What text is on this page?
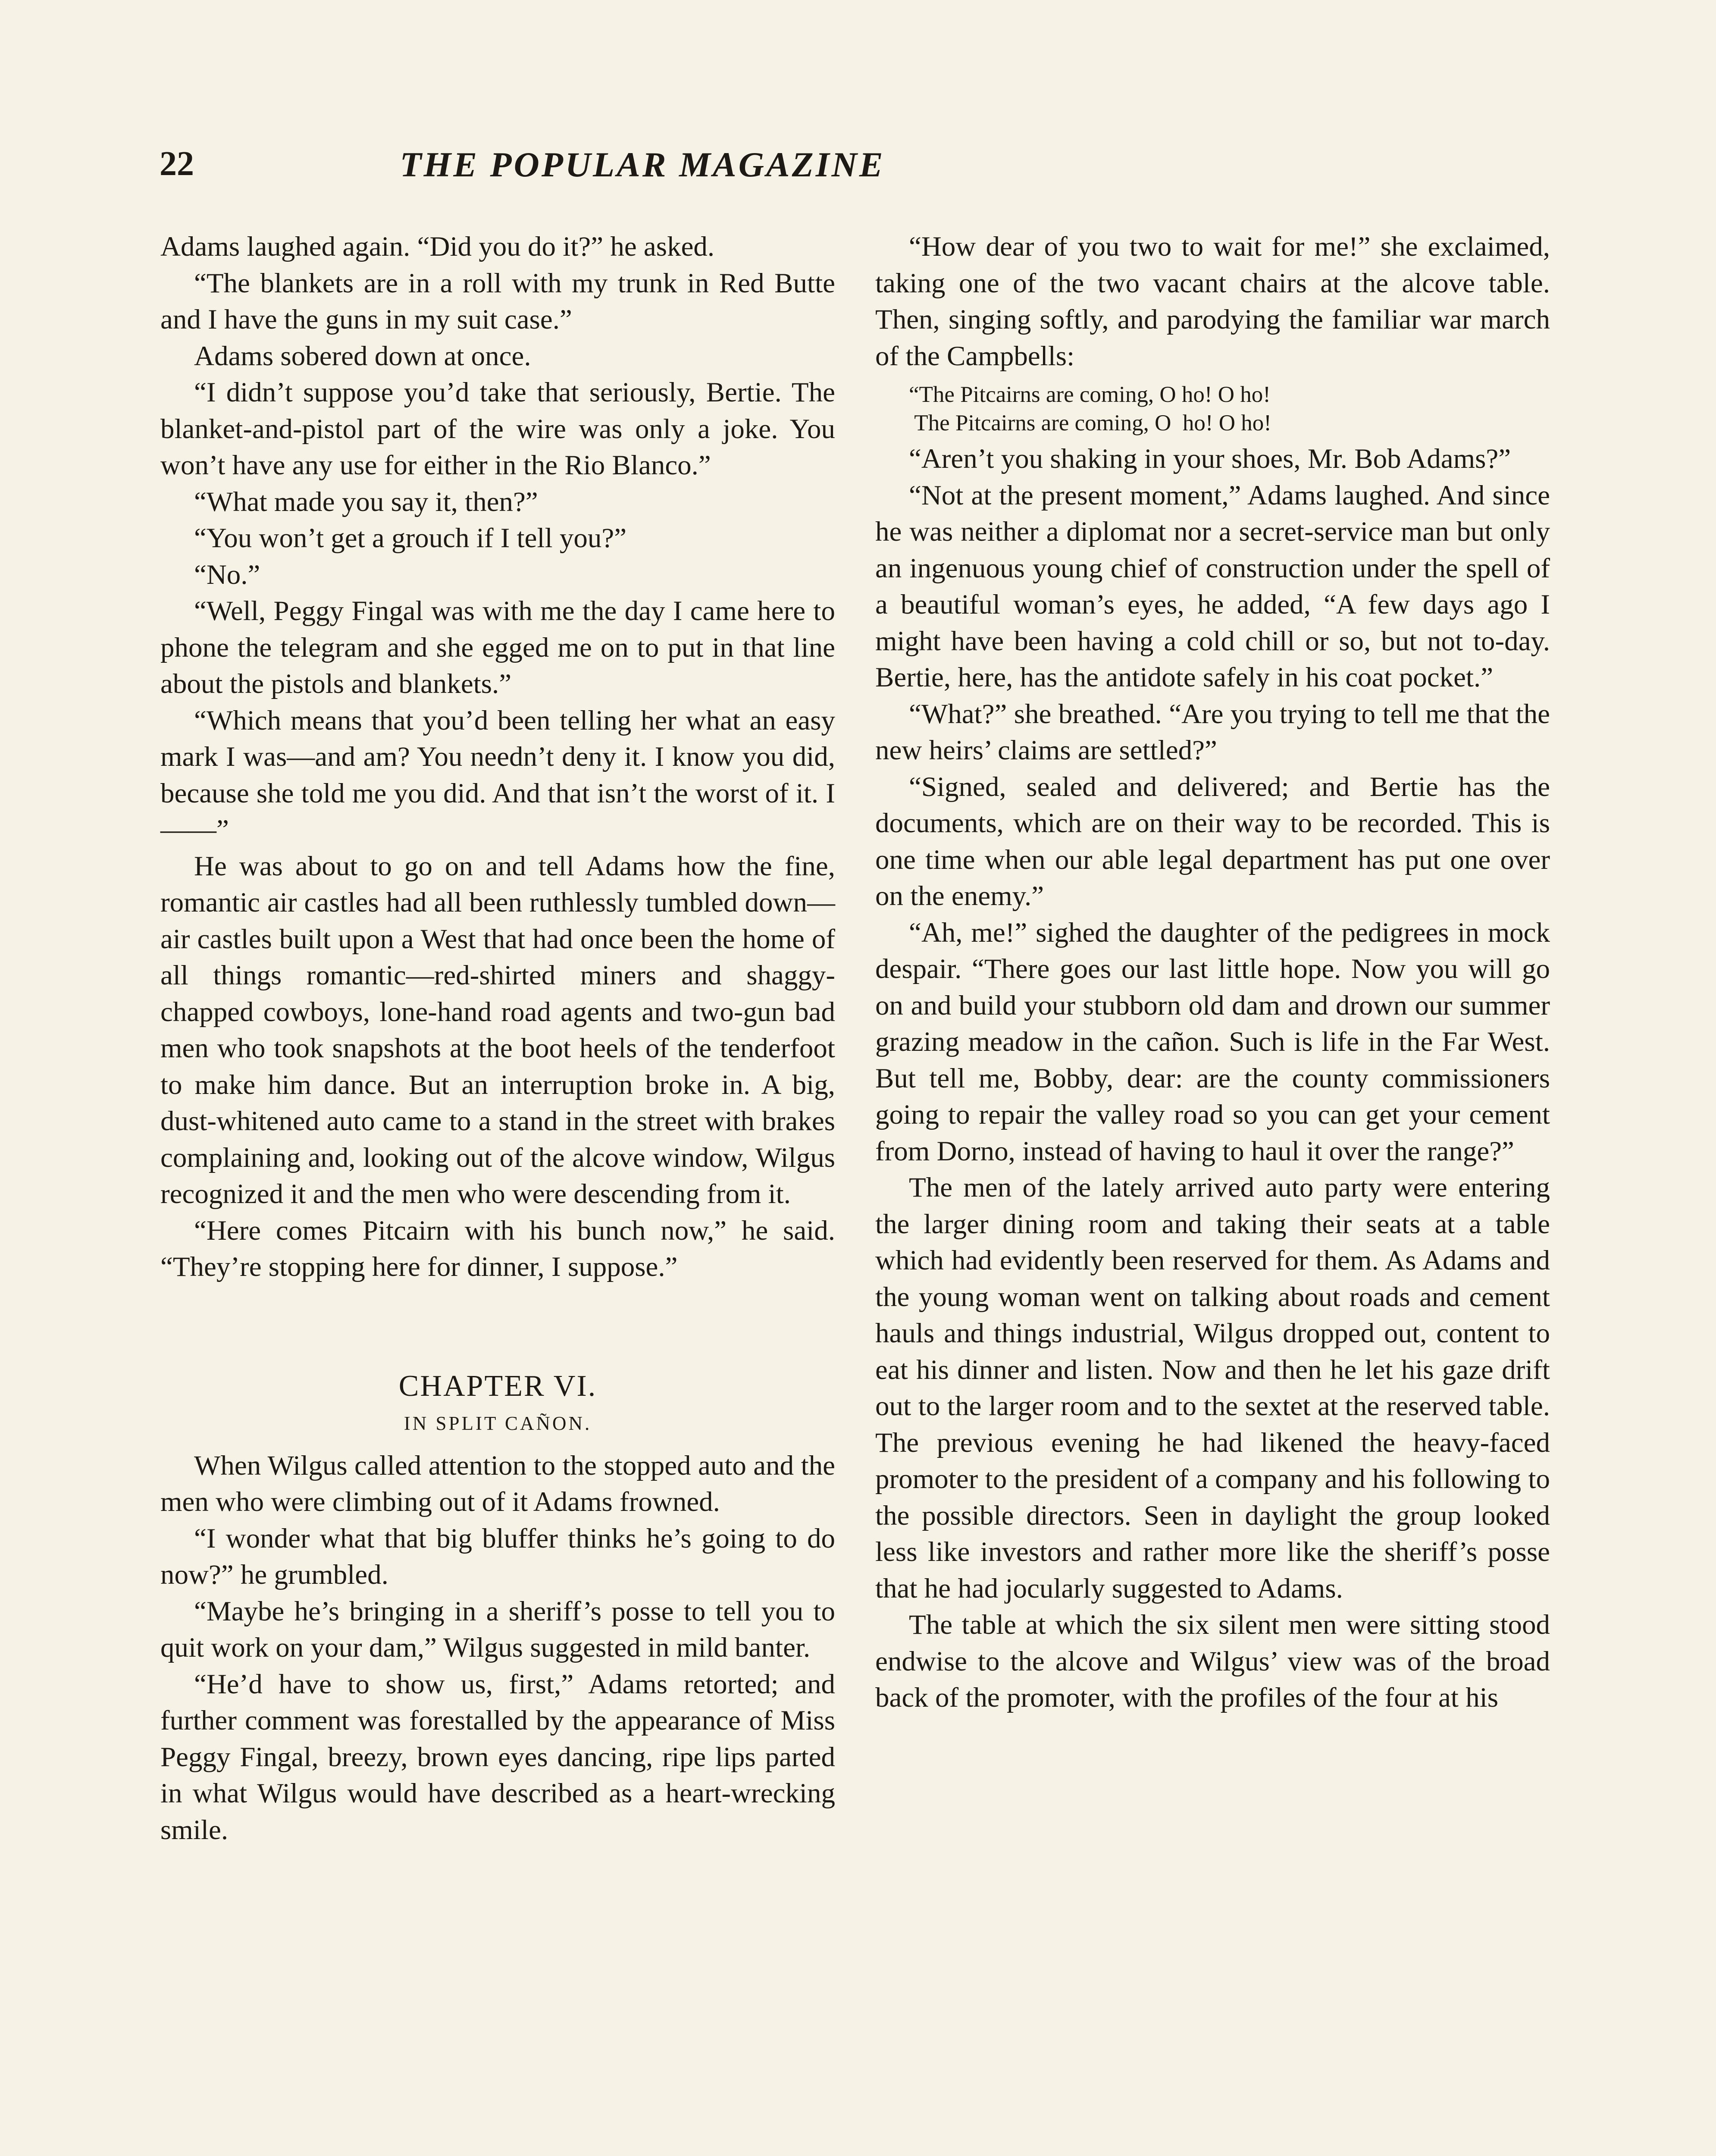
22	THE POPULAR MAGAZINE

Adams laughed again. “Did you do it?” he asked.

“The blankets are in a roll with my trunk in Red Butte and I have the guns in my suit case.”

Adams sobered down at once.

“I didn’t suppose you’d take that seriously, Bertie. The blanket-and-pistol part of the wire was only a joke. You won’t have any use for either in the Rio Blanco.”

“What made you say it, then?”

“You won’t get a grouch if I tell you?”

“No.”

“Well, Peggy Fingal was with me the day I came here to phone the telegram and she egged me on to put in that line about the pistols and blankets.”

“Which means that you’d been telling her what an easy mark I was—and am? You needn’t deny it. I know you did, because she told me you did. And that isn’t the worst of it. I——”

He was about to go on and tell Adams how the fine, romantic air castles had all been ruthlessly tumbled down—air castles built upon a West that had once been the home of all things romantic—red-shirted miners and shaggy-chapped cowboys, lone-hand road agents and two-gun bad men who took snapshots at the boot heels of the tenderfoot to make him dance. But an interruption broke in. A big, dust-whitened auto came to a stand in the street with brakes complaining and, looking out of the alcove window, Wilgus recognized it and the men who were descending from it.

“Here comes Pitcairn with his bunch now,” he said. “They’re stopping here for dinner, I suppose.”

CHAPTER VI.
IN SPLIT CAÑON.

When Wilgus called attention to the stopped auto and the men who were climbing out of it Adams frowned.

“I wonder what that big bluffer thinks he’s going to do now?” he grumbled.

“Maybe he’s bringing in a sheriff’s posse to tell you to quit work on your dam,” Wilgus suggested in mild banter.

“He’d have to show us, first,” Adams retorted; and further comment was forestalled by the appearance of Miss Peggy Fingal, breezy, brown eyes dancing, ripe lips parted in what Wilgus would have described as a heart-wrecking smile.

“How dear of you two to wait for me!” she exclaimed, taking one of the two vacant chairs at the alcove table. Then, singing softly, and parodying the familiar war march of the Campbells:

“The Pitcairns are coming, O ho! O ho!
The Pitcairns are coming, O  ho! O ho!

“Aren’t you shaking in your shoes, Mr. Bob Adams?”

“Not at the present moment,” Adams laughed. And since he was neither a diplomat nor a secret-service man but only an ingenuous young chief of construction under the spell of a beautiful woman’s eyes, he added, “A few days ago I might have been having a cold chill or so, but not to-day. Bertie, here, has the antidote safely in his coat pocket.”

“What?” she breathed. “Are you trying to tell me that the new heirs’ claims are settled?”

“Signed, sealed and delivered; and Bertie has the documents, which are on their way to be recorded. This is one time when our able legal department has put one over on the enemy.”

“Ah, me!” sighed the daughter of the pedigrees in mock despair. “There goes our last little hope. Now you will go on and build your stubborn old dam and drown our summer grazing meadow in the cañon. Such is life in the Far West. But tell me, Bobby, dear: are the county commissioners going to repair the valley road so you can get your cement from Dorno, instead of having to haul it over the range?”

The men of the lately arrived auto party were entering the larger dining room and taking their seats at a table which had evidently been reserved for them. As Adams and the young woman went on talking about roads and cement hauls and things industrial, Wilgus dropped out, content to eat his dinner and listen. Now and then he let his gaze drift out to the larger room and to the sextet at the reserved table. The previous evening he had likened the heavy-faced promoter to the president of a company and his following to the possible directors. Seen in daylight the group looked less like investors and rather more like the sheriff’s posse that he had jocularly suggested to Adams.

The table at which the six silent men were sitting stood endwise to the alcove and Wilgus’ view was of the broad back of the promoter, with the profiles of the four at his
